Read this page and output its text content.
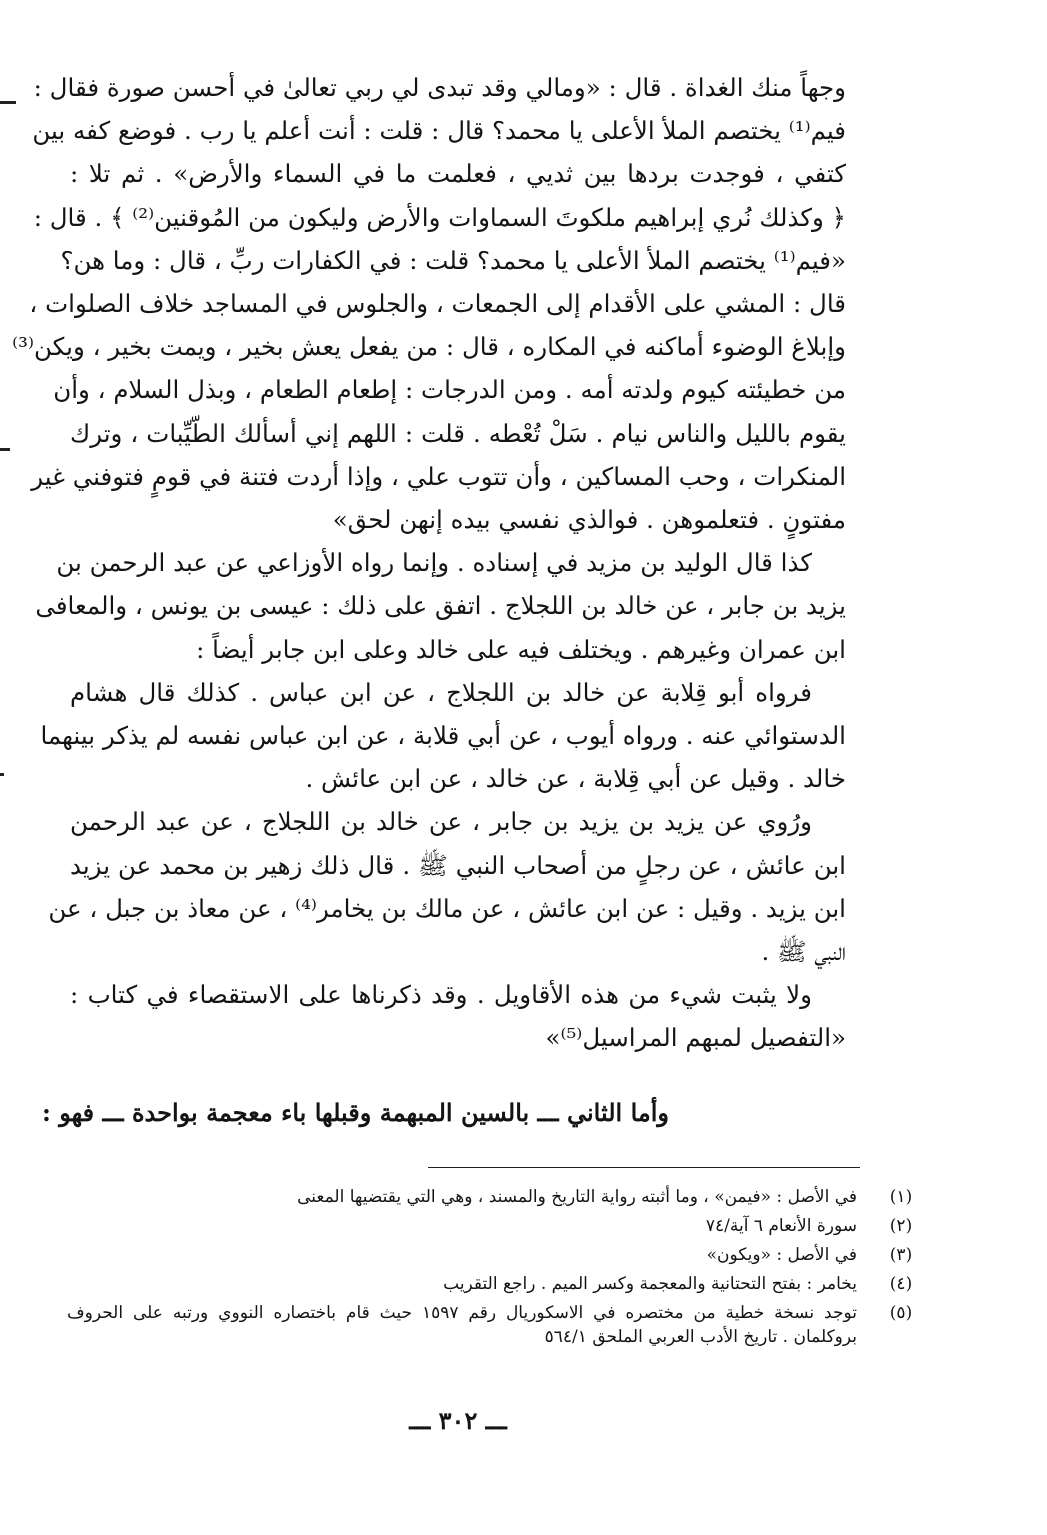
وجهاً منك الغداة . قال : «ومالي وقد تبدى لي ربي تعالىٰ في أحسن صورة فقال :
فيم⁽¹⁾ يختصم الملأ الأعلى يا محمد؟ قال : قلت : أنت أعلم يا رب . فوضع كفه بين
كتفي ، فوجدت بردها بين ثديي ، فعلمت ما في السماء والأرض» . ثم تلا :
﴿ وكذلك نُري إبراهيم ملكوتَ السماوات والأرض وليكون من المُوقنين⁽²⁾ ﴾ . قال :
«فيم⁽¹⁾ يختصم الملأ الأعلى يا محمد؟ قلت : في الكفارات ربِّ ، قال : وما هن؟
قال : المشي على الأقدام إلى الجمعات ، والجلوس في المساجد خلاف الصلوات ،
وإبلاغ الوضوء أماكنه في المكاره ، قال : من يفعل يعش بخير ، ويمت بخير ، ويكن⁽³⁾
من خطيئته كيوم ولدته أمه . ومن الدرجات : إطعام الطعام ، وبذل السلام ، وأن
يقوم بالليل والناس نيام . سَلْ تُعْطه . قلت : اللهم إني أسألك الطّيِّبات ، وترك
المنكرات ، وحب المساكين ، وأن تتوب علي ، وإذا أردت فتنة في قومٍ فتوفني غير
مفتونٍ . فتعلموهن . فوالذي نفسي بيده إنهن لحق»
كذا قال الوليد بن مزيد في إسناده . وإنما رواه الأوزاعي عن عبد الرحمن بن
يزيد بن جابر ، عن خالد بن اللجلاج . اتفق على ذلك : عيسى بن يونس ، والمعافى
ابن عمران وغيرهم . ويختلف فيه على خالد وعلى ابن جابر أيضاً :
فرواه أبو قِلابة عن خالد بن اللجلاج ، عن ابن عباس . كذلك قال هشام
الدستوائي عنه . ورواه أيوب ، عن أبي قلابة ، عن ابن عباس نفسه لم يذكر بينهما
خالد . وقيل عن أبي قِلابة ، عن خالد ، عن ابن عائش .
ورُوي عن يزيد بن يزيد بن جابر ، عن خالد بن اللجلاج ، عن عبد الرحمن
ابن عائش ، عن رجلٍ من أصحاب النبي ﷺ . قال ذلك زهير بن محمد عن يزيد
ابن يزيد . وقيل : عن ابن عائش ، عن مالك بن يخامر⁽⁴⁾ ، عن معاذ بن جبل ، عن
النبي ﷺ .
ولا يثبت شيء من هذه الأقاويل . وقد ذكرناها على الاستقصاء في كتاب :
«التفصيل لمبهم المراسيل⁽⁵⁾»
وأما الثاني ـــ بالسين المبهمة وقبلها باء معجمة بواحدة ـــ فهو :
(١)
في الأصل : «فيمن» ، وما أثبته رواية التاريخ والمسند ، وهي التي يقتضيها المعنى
(٢)
سورة الأنعام ٦ آية/٧٤
(٣)
في الأصل : «ويكون»
(٤)
يخامر : بفتح التحتانية والمعجمة وكسر الميم . راجع التقريب
(٥)
توجد نسخة خطية من مختصره في الاسكوريال رقم ١٥٩٧ حيث قام باختصاره النووي ورتبه على الحروف بروكلمان . تاريخ الأدب العربي الملحق ٥٦٤/١
ـــ ٣٠٢ ـــ
